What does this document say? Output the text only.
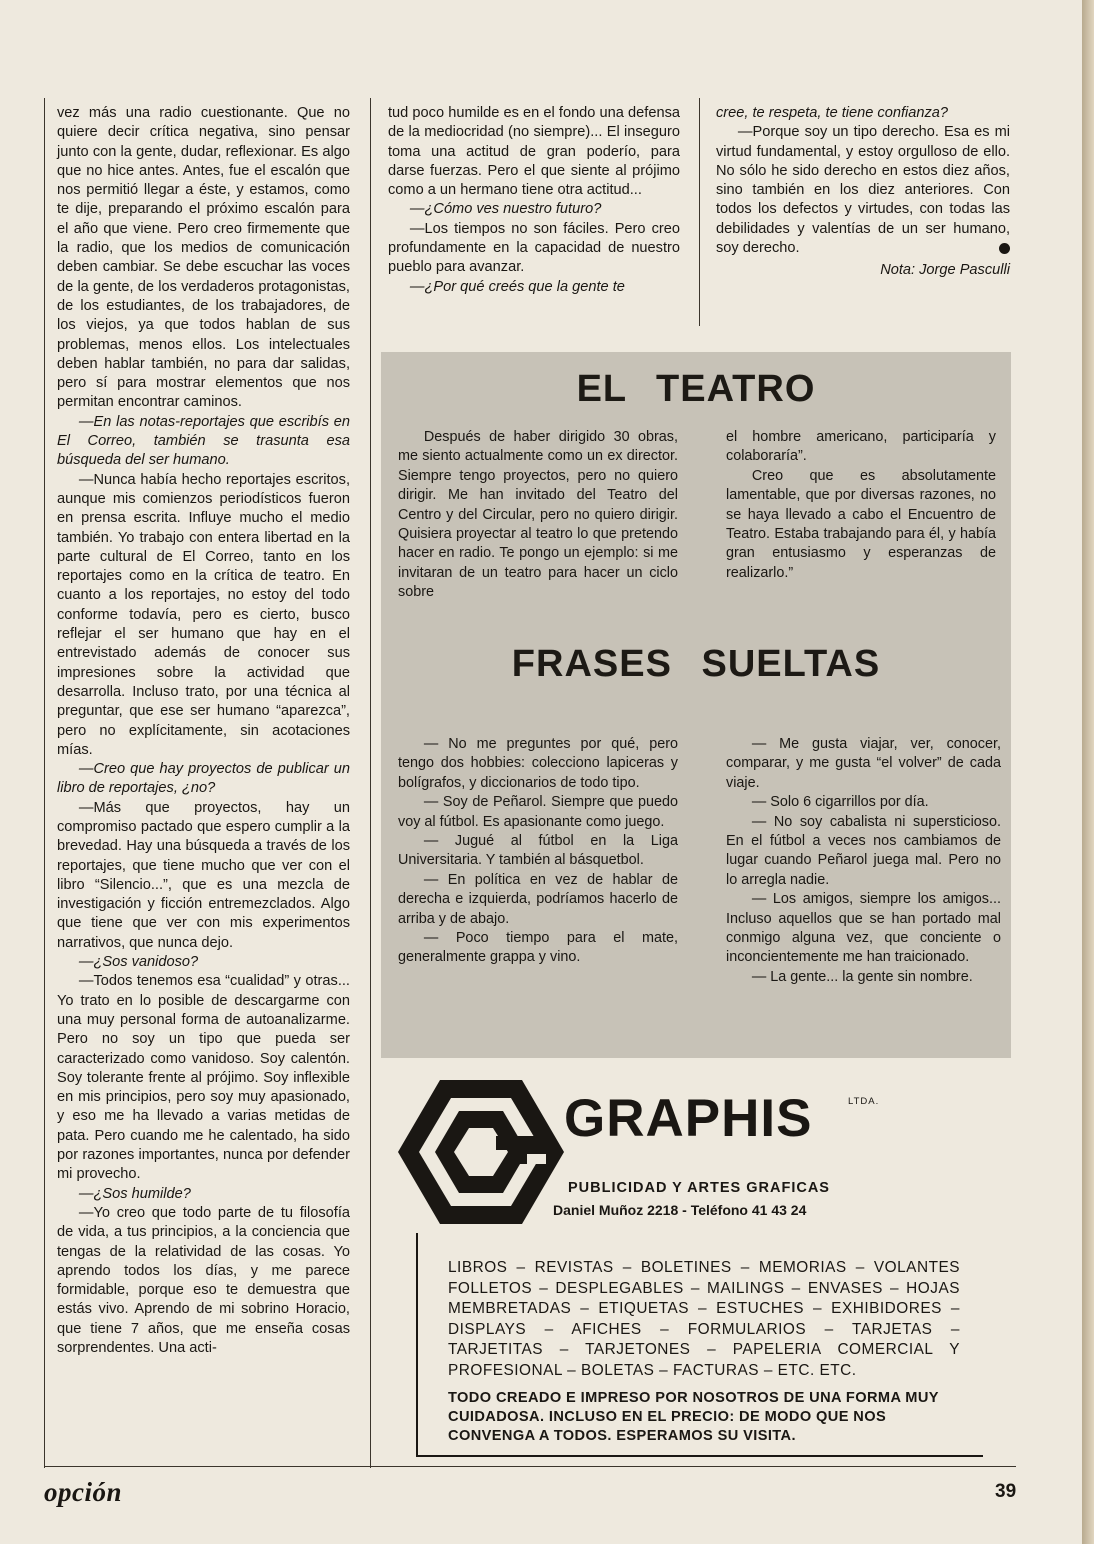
vez más una radio cuestionante. Que no quiere decir crítica negativa, sino pensar junto con la gente, dudar, reflexionar. Es algo que no hice antes. Antes, fue el escalón que nos permitió llegar a éste, y estamos, como te dije, preparando el próximo escalón para el año que viene. Pero creo firmemente que la radio, que los medios de comunicación deben cambiar. Se debe escuchar las voces de la gente, de los verdaderos protagonistas, de los estudiantes, de los trabajadores, de los viejos, ya que todos hablan de sus problemas, menos ellos. Los intelectuales deben hablar también, no para dar salidas, pero sí para mostrar elementos que nos permitan encontrar caminos.

—En las notas-reportajes que escribís en El Correo, también se trasunta esa búsqueda del ser humano.

—Nunca había hecho reportajes escritos, aunque mis comienzos periodísticos fueron en prensa escrita. Influye mucho el medio también. Yo trabajo con entera libertad en la parte cultural de El Correo, tanto en los reportajes como en la crítica de teatro. En cuanto a los reportajes, no estoy del todo conforme todavía, pero es cierto, busco reflejar el ser humano que hay en el entrevistado además de conocer sus impresiones sobre la actividad que desarrolla. Incluso trato, por una técnica al preguntar, que ese ser humano “aparezca”, pero no explícitamente, sin acotaciones mías.

—Creo que hay proyectos de publicar un libro de reportajes, ¿no?

—Más que proyectos, hay un compromiso pactado que espero cumplir a la brevedad. Hay una búsqueda a través de los reportajes, que tiene mucho que ver con el libro “Silencio...”, que es una mezcla de investigación y ficción entremezclados. Algo que tiene que ver con mis experimentos narrativos, que nunca dejo.

—¿Sos vanidoso?

—Todos tenemos esa “cualidad” y otras... Yo trato en lo posible de descargarme con una muy personal forma de autoanalizarme. Pero no soy un tipo que pueda ser caracterizado como vanidoso. Soy calentón. Soy tolerante frente al prójimo. Soy inflexible en mis principios, pero soy muy apasionado, y eso me ha llevado a varias metidas de pata. Pero cuando me he calentado, ha sido por razones importantes, nunca por defender mi provecho.

—¿Sos humilde?

—Yo creo que todo parte de tu filosofía de vida, a tus principios, a la conciencia que tengas de la relatividad de las cosas. Yo aprendo todos los días, y me parece formidable, porque eso te demuestra que estás vivo. Aprendo de mi sobrino Horacio, que tiene 7 años, que me enseña cosas sorprendentes. Una acti-

tud poco humilde es en el fondo una defensa de la mediocridad (no siempre)... El inseguro toma una actitud de gran poderío, para darse fuerzas. Pero el que siente al prójimo como a un hermano tiene otra actitud...

—¿Cómo ves nuestro futuro?

—Los tiempos no son fáciles. Pero creo profundamente en la capacidad de nuestro pueblo para avanzar.

—¿Por qué creés que la gente te

cree, te respeta, te tiene confianza?

—Porque soy un tipo derecho. Esa es mi virtud fundamental, y estoy orgulloso de ello. No sólo he sido derecho en estos diez años, sino también en los diez anteriores. Con todos los defectos y virtudes, con todas las debilidades y valentías de un ser humano, soy derecho.

Nota: Jorge Pasculli

EL TEATRO

Después de haber dirigido 30 obras, me siento actualmente como un ex director. Siempre tengo proyectos, pero no quiero dirigir. Me han invitado del Teatro del Centro y del Circular, pero no quiero dirigir. Quisiera proyectar al teatro lo que pretendo hacer en radio. Te pongo un ejemplo: si me invitaran de un teatro para hacer un ciclo sobre

el hombre americano, participaría y colaboraría”.

Creo que es absolutamente lamentable, que por diversas razones, no se haya llevado a cabo el Encuentro de Teatro. Estaba trabajando para él, y había gran entusiasmo y esperanzas de realizarlo.”

FRASES SUELTAS

— No me preguntes por qué, pero tengo dos hobbies: colecciono lapiceras y bolígrafos, y diccionarios de todo tipo.

— Soy de Peñarol. Siempre que puedo voy al fútbol. Es apasionante como juego.

— Jugué al fútbol en la Liga Universitaria. Y también al básquetbol.

— En política en vez de hablar de derecha e izquierda, podríamos hacerlo de arriba y de abajo.

— Poco tiempo para el mate, generalmente grappa y vino.

— Me gusta viajar, ver, conocer, comparar, y me gusta “el volver” de cada viaje.

— Solo 6 cigarrillos por día.

— No soy cabalista ni supersticioso. En el fútbol a veces nos cambiamos de lugar cuando Peñarol juega mal. Pero no lo arregla nadie.

— Los amigos, siempre los amigos... Incluso aquellos que se han portado mal conmigo alguna vez, que conciente o inconcientemente me han traicionado.

— La gente... la gente sin nombre.

GRAPHIS	LTDA.
PUBLICIDAD Y ARTES GRAFICAS
Daniel Muñoz 2218 - Teléfono 41 43 24
LIBROS – REVISTAS – BOLETINES – MEMORIAS – VOLANTES FOLLETOS – DESPLEGABLES – MAILINGS – ENVASES – HOJAS MEMBRETADAS – ETIQUETAS – ESTUCHES – EXHIBIDORES – DISPLAYS – AFICHES – FORMULARIOS – TARJETAS – TARJETITAS – TARJETONES – PAPELERIA COMERCIAL Y PROFESIONAL – BOLETAS – FACTURAS – ETC. ETC.
TODO CREADO E IMPRESO POR NOSOTROS DE UNA FORMA MUY CUIDADOSA. INCLUSO EN EL PRECIO: DE MODO QUE NOS CONVENGA A TODOS. ESPERAMOS SU VISITA.
opción	39
